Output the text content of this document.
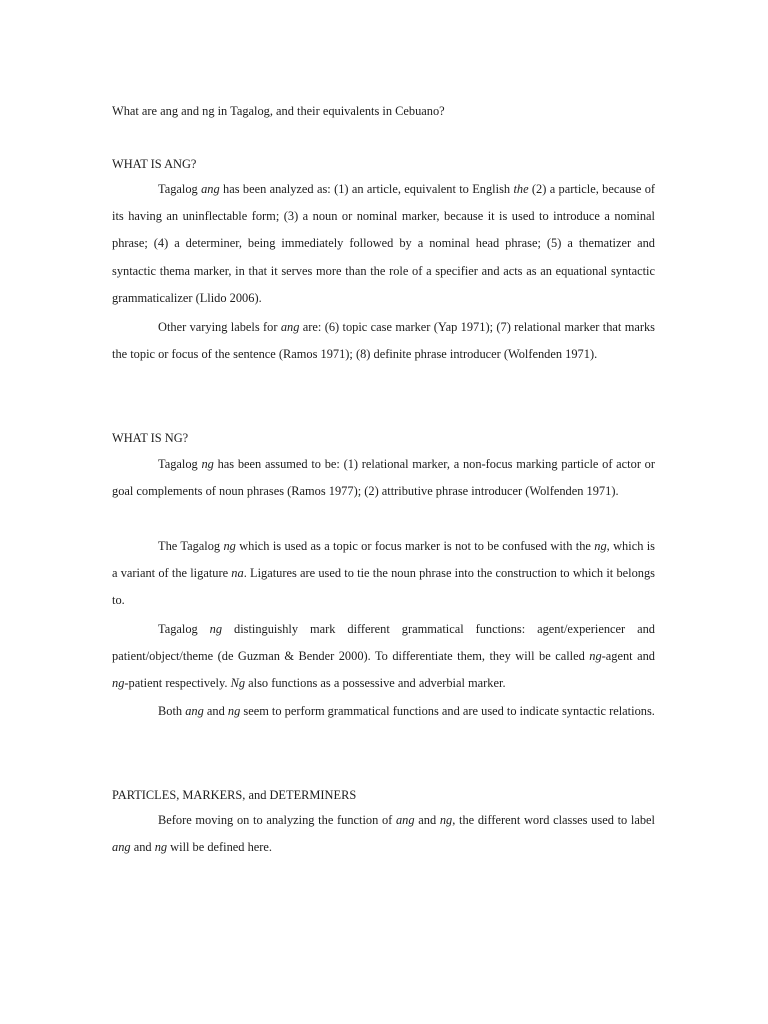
What are ang and ng in Tagalog, and their equivalents in Cebuano?
WHAT IS ANG?

Tagalog ang has been analyzed as: (1) an article, equivalent to English the (2) a particle, because of its having an uninflectable form; (3) a noun or nominal marker, because it is used to introduce a nominal phrase; (4) a determiner, being immediately followed by a nominal head phrase; (5) a thematizer and syntactic thema marker, in that it serves more than the role of a specifier and acts as an equational syntactic grammaticalizer (Llido 2006).

Other varying labels for ang are: (6) topic case marker (Yap 1971); (7) relational marker that marks the topic or focus of the sentence (Ramos 1971); (8) definite phrase introducer (Wolfenden 1971).

WHAT IS NG?

Tagalog ng has been assumed to be: (1) relational marker, a non-focus marking particle of actor or goal complements of noun phrases (Ramos 1977); (2) attributive phrase introducer (Wolfenden 1971).

The Tagalog ng which is used as a topic or focus marker is not to be confused with the ng, which is a variant of the ligature na. Ligatures are used to tie the noun phrase into the construction to which it belongs to.

Tagalog ng distinguishly mark different grammatical functions: agent/experiencer and patient/object/theme (de Guzman & Bender 2000). To differentiate them, they will be called ng-agent and ng-patient respectively. Ng also functions as a possessive and adverbial marker.

Both ang and ng seem to perform grammatical functions and are used to indicate syntactic relations.

PARTICLES, MARKERS, and DETERMINERS

Before moving on to analyzing the function of ang and ng, the different word classes used to label ang and ng will be defined here.
